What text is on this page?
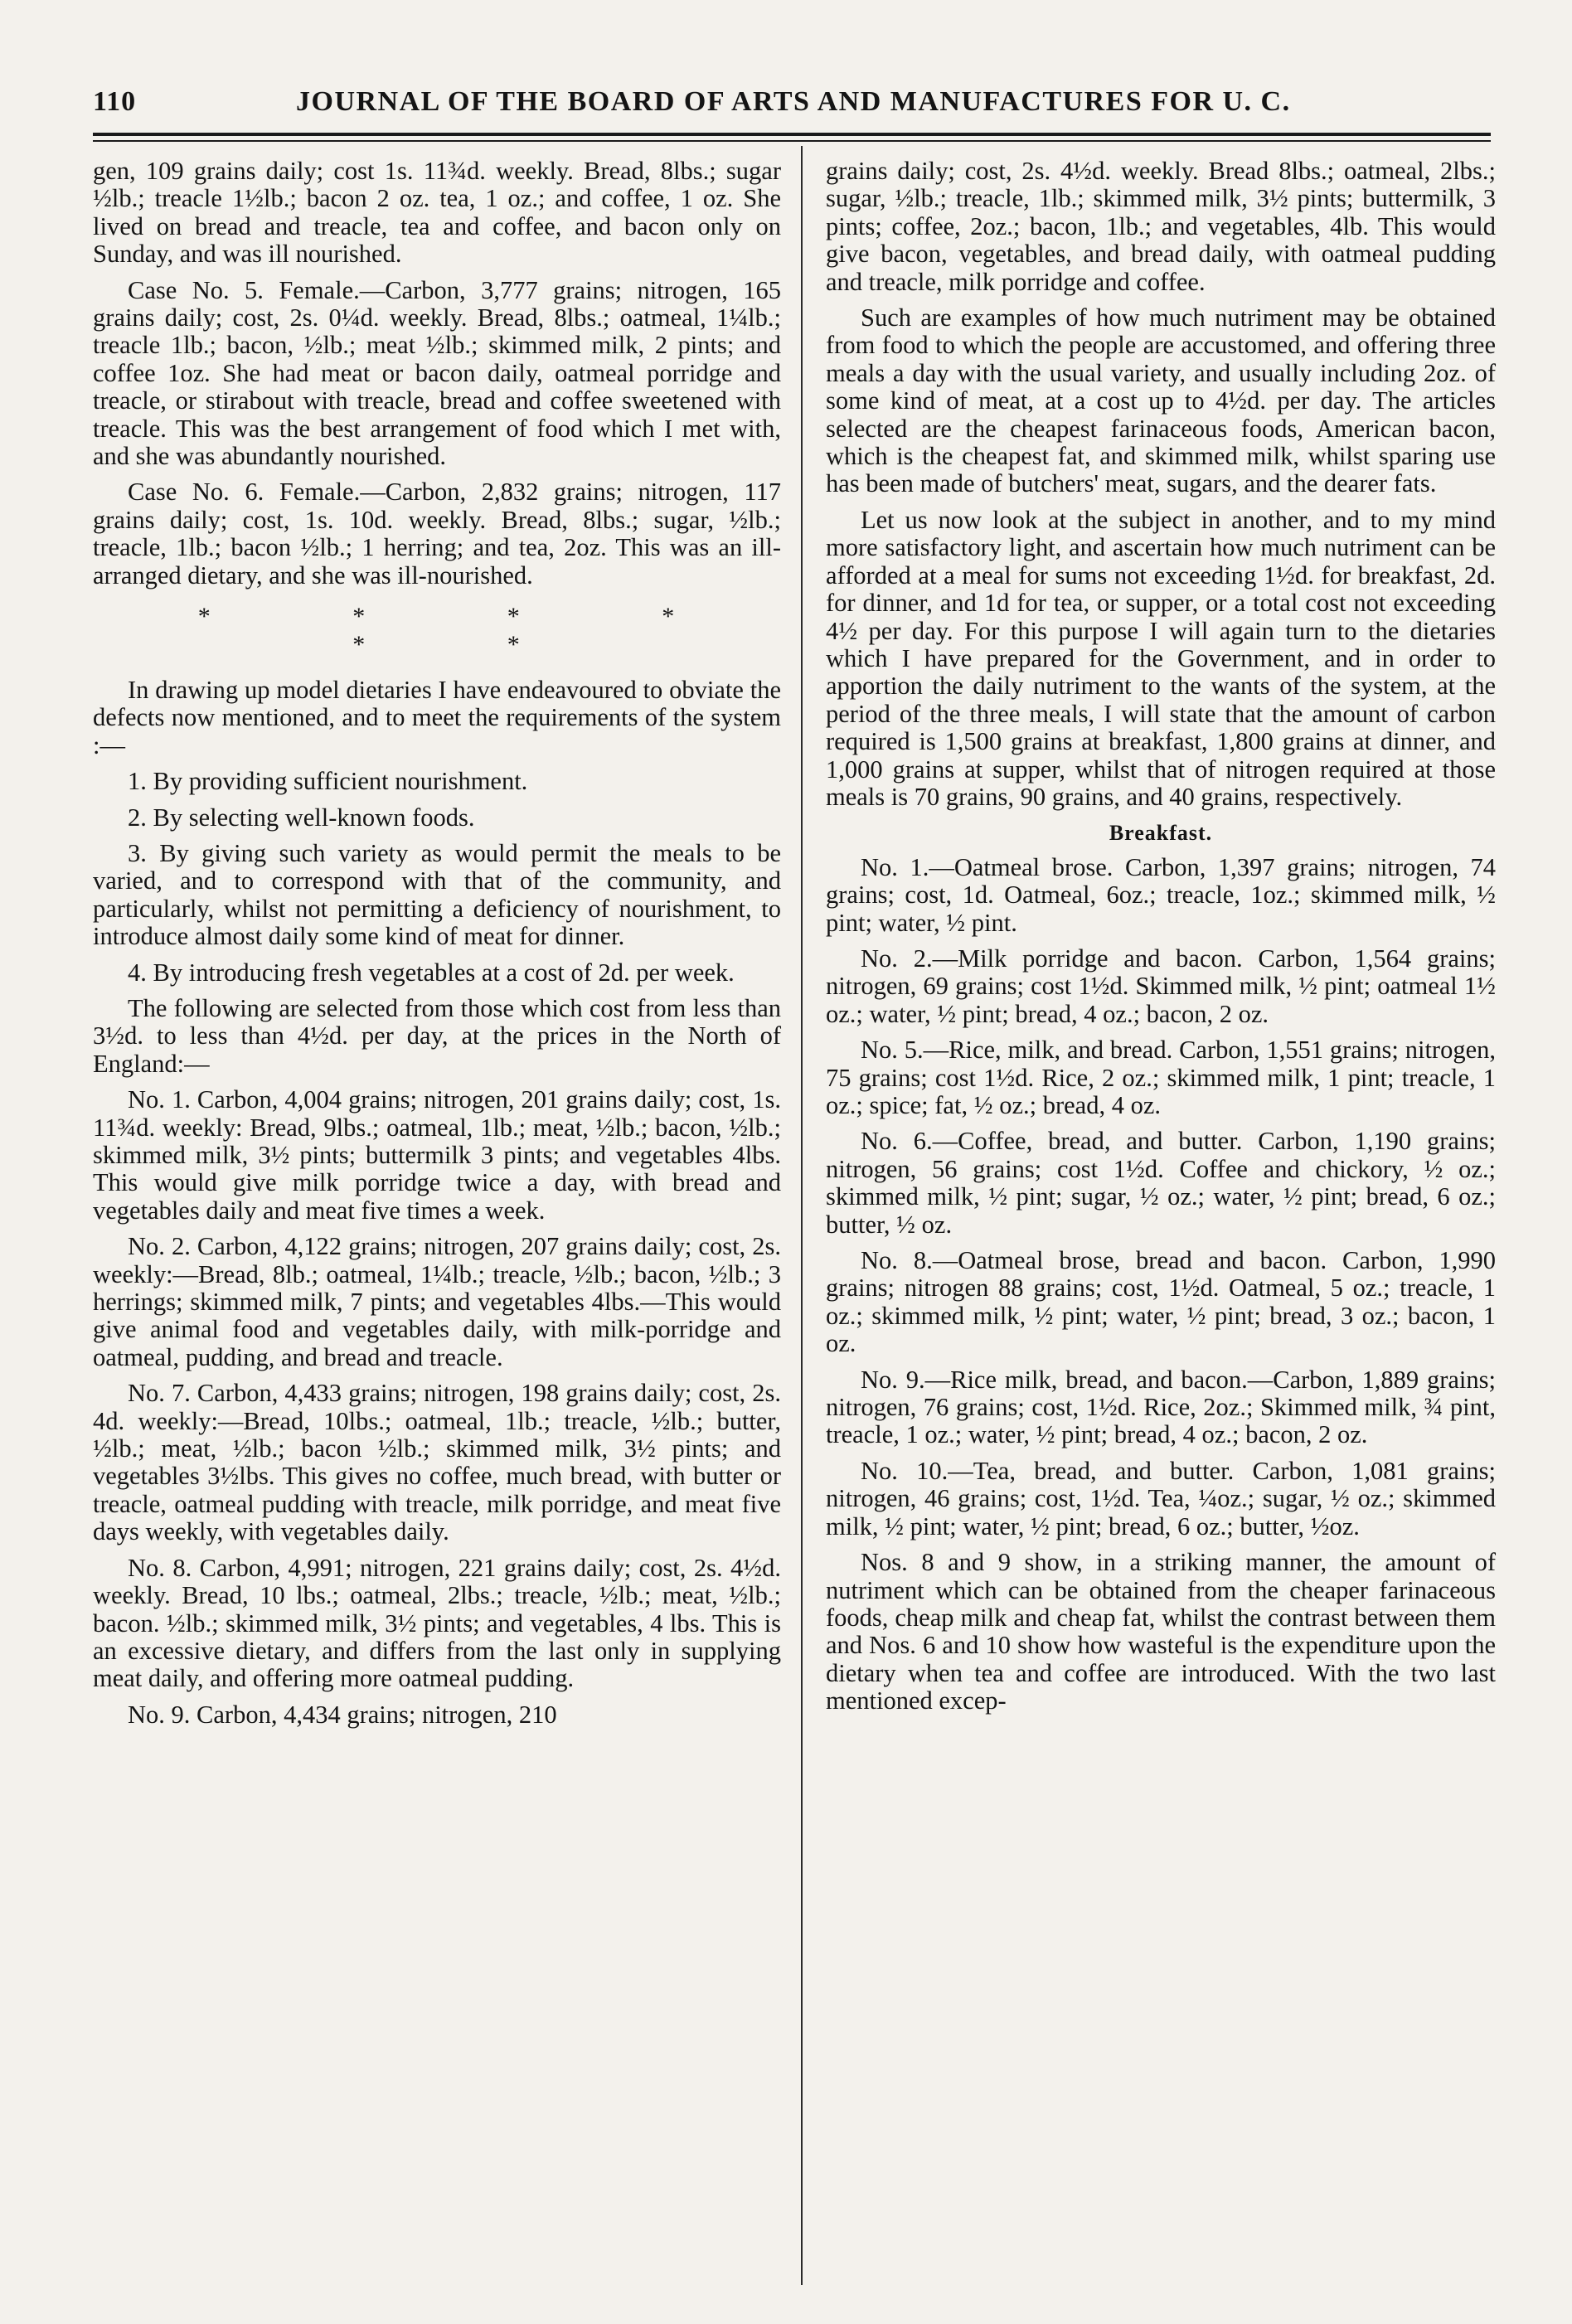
110	JOURNAL OF THE BOARD OF ARTS AND MANUFACTURES FOR U. C.

gen, 109 grains daily; cost 1s. 11¾d. weekly. Bread, 8lbs.; sugar ½lb.; treacle 1½lb.; bacon 2 oz. tea, 1 oz.; and coffee, 1 oz. She lived on bread and treacle, tea and coffee, and bacon only on Sunday, and was ill nourished.

Case No. 5. Female.—Carbon, 3,777 grains; nitrogen, 165 grains daily; cost, 2s. 0¼d. weekly. Bread, 8lbs.; oatmeal, 1¼lb.; treacle 1lb.; bacon, ½lb.; meat ½lb.; skimmed milk, 2 pints; and coffee 1oz. She had meat or bacon daily, oatmeal porridge and treacle, or stirabout with treacle, bread and coffee sweetened with treacle. This was the best arrangement of food which I met with, and she was abundantly nourished.

Case No. 6. Female.—Carbon, 2,832 grains; nitrogen, 117 grains daily; cost, 1s. 10d. weekly. Bread, 8lbs.; sugar, ½lb.; treacle, 1lb.; bacon ½lb.; 1 herring; and tea, 2oz. This was an ill-arranged dietary, and she was ill-nourished.

* * * * * *

In drawing up model dietaries I have endeavoured to obviate the defects now mentioned, and to meet the requirements of the system :—

1. By providing sufficient nourishment.

2. By selecting well-known foods.

3. By giving such variety as would permit the meals to be varied, and to correspond with that of the community, and particularly, whilst not permitting a deficiency of nourishment, to introduce almost daily some kind of meat for dinner.

4. By introducing fresh vegetables at a cost of 2d. per week.

The following are selected from those which cost from less than 3½d. to less than 4½d. per day, at the prices in the North of England:—

No. 1. Carbon, 4,004 grains; nitrogen, 201 grains daily; cost, 1s. 11¾d. weekly: Bread, 9lbs.; oatmeal, 1lb.; meat, ½lb.; bacon, ½lb.; skimmed milk, 3½ pints; buttermilk 3 pints; and vegetables 4lbs. This would give milk porridge twice a day, with bread and vegetables daily and meat five times a week.

No. 2. Carbon, 4,122 grains; nitrogen, 207 grains daily; cost, 2s. weekly:—Bread, 8lb.; oatmeal, 1¼lb.; treacle, ½lb.; bacon, ½lb.; 3 herrings; skimmed milk, 7 pints; and vegetables 4lbs.—This would give animal food and vegetables daily, with milk-porridge and oatmeal, pudding, and bread and treacle.

No. 7. Carbon, 4,433 grains; nitrogen, 198 grains daily; cost, 2s. 4d. weekly:—Bread, 10lbs.; oatmeal, 1lb.; treacle, ½lb.; butter, ½lb.; meat, ½lb.; bacon ½lb.; skimmed milk, 3½ pints; and vegetables 3½lbs. This gives no coffee, much bread, with butter or treacle, oatmeal pudding with treacle, milk porridge, and meat five days weekly, with vegetables daily.

No. 8. Carbon, 4,991; nitrogen, 221 grains daily; cost, 2s. 4½d. weekly. Bread, 10 lbs.; oatmeal, 2lbs.; treacle, ½lb.; meat, ½lb.; bacon. ½lb.; skimmed milk, 3½ pints; and vegetables, 4 lbs. This is an excessive dietary, and differs from the last only in supplying meat daily, and offering more oatmeal pudding.

No. 9. Carbon, 4,434 grains; nitrogen, 210

grains daily; cost, 2s. 4½d. weekly. Bread 8lbs.; oatmeal, 2lbs.; sugar, ½lb.; treacle, 1lb.; skimmed milk, 3½ pints; buttermilk, 3 pints; coffee, 2oz.; bacon, 1lb.; and vegetables, 4lb. This would give bacon, vegetables, and bread daily, with oatmeal pudding and treacle, milk porridge and coffee.

Such are examples of how much nutriment may be obtained from food to which the people are accustomed, and offering three meals a day with the usual variety, and usually including 2oz. of some kind of meat, at a cost up to 4½d. per day. The articles selected are the cheapest farinaceous foods, American bacon, which is the cheapest fat, and skimmed milk, whilst sparing use has been made of butchers' meat, sugars, and the dearer fats.

Let us now look at the subject in another, and to my mind more satisfactory light, and ascertain how much nutriment can be afforded at a meal for sums not exceeding 1½d. for breakfast, 2d. for dinner, and 1d for tea, or supper, or a total cost not exceeding 4½ per day. For this purpose I will again turn to the dietaries which I have prepared for the Government, and in order to apportion the daily nutriment to the wants of the system, at the period of the three meals, I will state that the amount of carbon required is 1,500 grains at breakfast, 1,800 grains at dinner, and 1,000 grains at supper, whilst that of nitrogen required at those meals is 70 grains, 90 grains, and 40 grains, respectively.

Breakfast.

No. 1.—Oatmeal brose. Carbon, 1,397 grains; nitrogen, 74 grains; cost, 1d. Oatmeal, 6oz.; treacle, 1oz.; skimmed milk, ½ pint; water, ½ pint.

No. 2.—Milk porridge and bacon. Carbon, 1,564 grains; nitrogen, 69 grains; cost 1½d. Skimmed milk, ½ pint; oatmeal 1½ oz.; water, ½ pint; bread, 4 oz.; bacon, 2 oz.

No. 5.—Rice, milk, and bread. Carbon, 1,551 grains; nitrogen, 75 grains; cost 1½d. Rice, 2 oz.; skimmed milk, 1 pint; treacle, 1 oz.; spice; fat, ½ oz.; bread, 4 oz.

No. 6.—Coffee, bread, and butter. Carbon, 1,190 grains; nitrogen, 56 grains; cost 1½d. Coffee and chickory, ½ oz.; skimmed milk, ½ pint; sugar, ½ oz.; water, ½ pint; bread, 6 oz.; butter, ½ oz.

No. 8.—Oatmeal brose, bread and bacon. Carbon, 1,990 grains; nitrogen 88 grains; cost, 1½d. Oatmeal, 5 oz.; treacle, 1 oz.; skimmed milk, ½ pint; water, ½ pint; bread, 3 oz.; bacon, 1 oz.

No. 9.—Rice milk, bread, and bacon.—Carbon, 1,889 grains; nitrogen, 76 grains; cost, 1½d. Rice, 2oz.; Skimmed milk, ¾ pint, treacle, 1 oz.; water, ½ pint; bread, 4 oz.; bacon, 2 oz.

No. 10.—Tea, bread, and butter. Carbon, 1,081 grains; nitrogen, 46 grains; cost, 1½d. Tea, ¼oz.; sugar, ½ oz.; skimmed milk, ½ pint; water, ½ pint; bread, 6 oz.; butter, ½oz.

Nos. 8 and 9 show, in a striking manner, the amount of nutriment which can be obtained from the cheaper farinaceous foods, cheap milk and cheap fat, whilst the contrast between them and Nos. 6 and 10 show how wasteful is the expenditure upon the dietary when tea and coffee are introduced. With the two last mentioned excep-
